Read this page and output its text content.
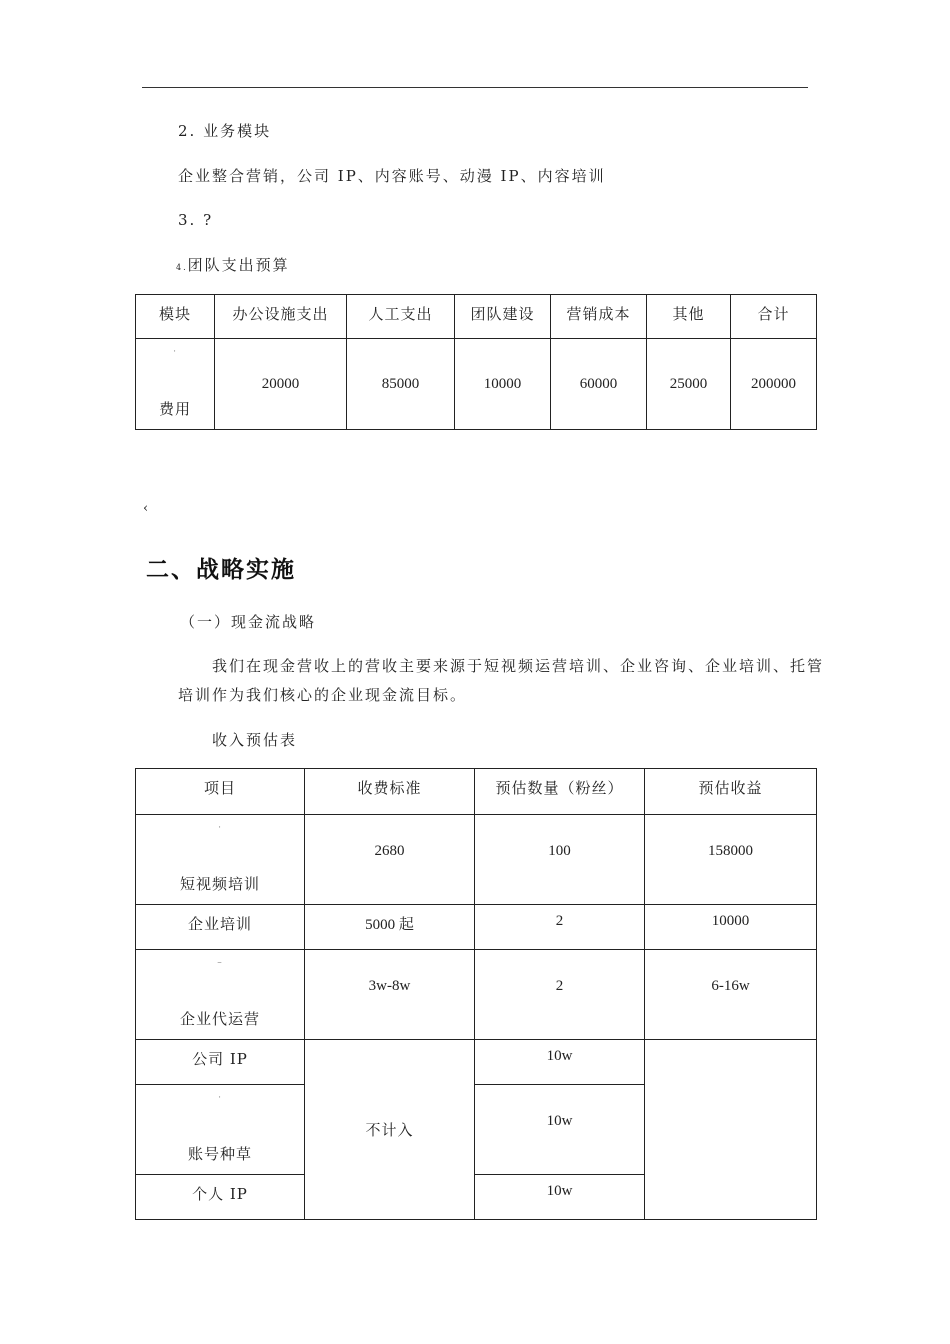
2. 业务模块
企业整合营销，公司 IP、内容账号、动漫 IP、内容培训
3. ?
4.团队支出预算
模块	办公设施支出	人工支出	团队建设	营销成本	其他	合计

·
费用	20000	85000	10000	60000	25000	200000
‹
二、战略实施
（一）现金流战略
我们在现金营收上的营收主要来源于短视频运营培训、企业咨询、企业培训、托管
培训作为我们核心的企业现金流目标。
收入预估表
项目	收费标准	预估数量（粉丝）	预估收益

·
短视频培训	2680	100	158000
企业培训	5000 起	2	10000

–
企业代运营	3w-8w	2	6-16w
公司 IP	不计入	10w	

·
账号种草		10w	
个人 IP		10w	
